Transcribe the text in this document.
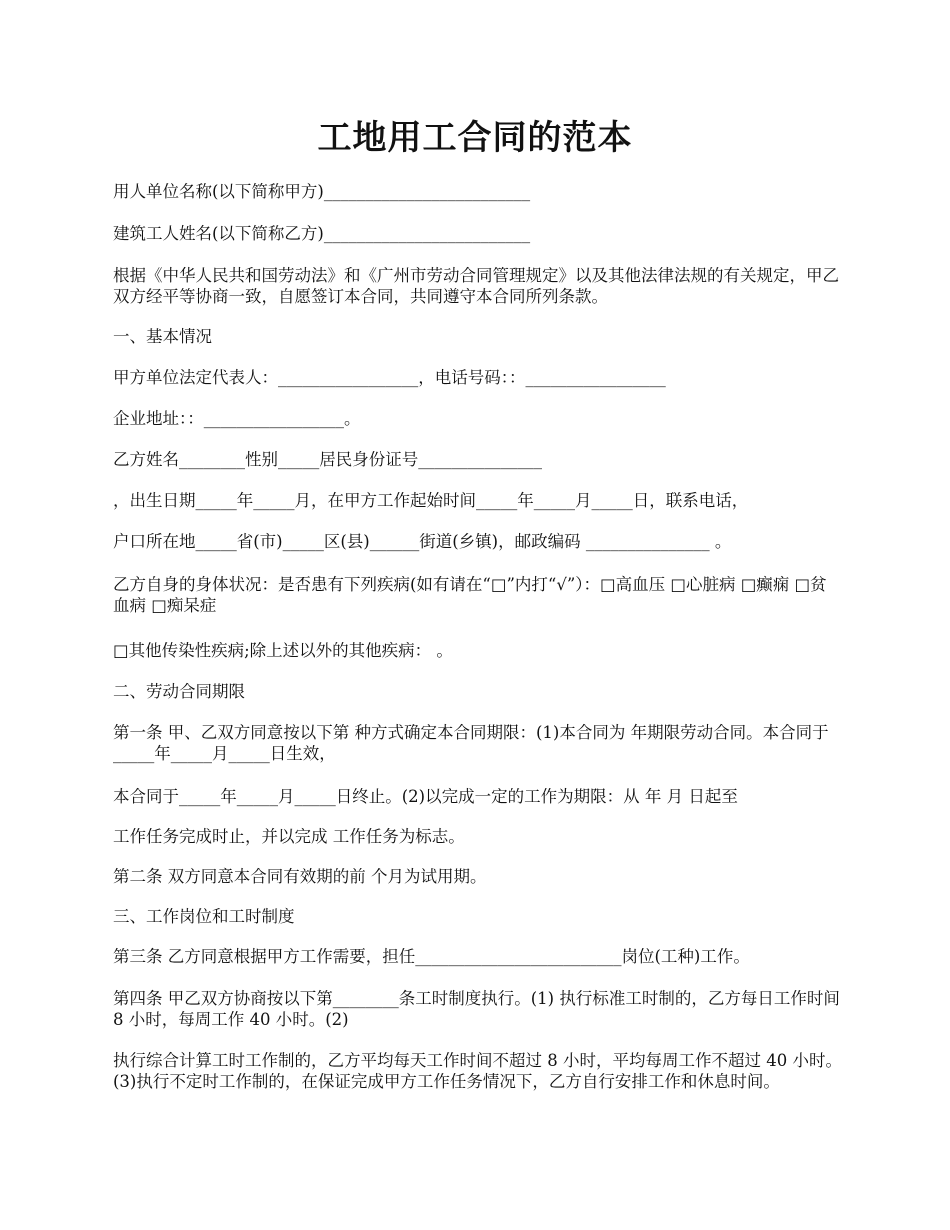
工地用工合同的范本

用人单位名称(以下简称甲方)_________________________

建筑工人姓名(以下简称乙方)_________________________

根据《中华人民共和国劳动法》和《广州市劳动合同管理规定》以及其他法律法规的有关规定，甲乙双方经平等协商一致，自愿签订本合同，共同遵守本合同所列条款。

一、基本情况

甲方单位法定代表人：_________________，电话号码：：_________________

企业地址：：_________________。

乙方姓名________性别_____居民身份证号_______________

，出生日期_____年_____月，在甲方工作起始时间_____年_____月_____日，联系电话，

户口所在地_____省(市)_____区(县)______街道(乡镇)，邮政编码 _______________ 。

乙方自身的身体状况：是否患有下列疾病(如有请在“□”内打“√”）：□高血压 □心脏病 □癫痫 □贫血病 □痴呆症

□其他传染性疾病;除上述以外的其他疾病： 。

二、劳动合同期限

第一条 甲、乙双方同意按以下第 种方式确定本合同期限：(1)本合同为 年期限劳动合同。本合同于_____年_____月_____日生效，

本合同于_____年_____月_____日终止。(2)以完成一定的工作为期限：从 年 月 日起至

工作任务完成时止，并以完成 工作任务为标志。

第二条 双方同意本合同有效期的前 个月为试用期。

三、工作岗位和工时制度

第三条 乙方同意根据甲方工作需要，担任_________________________岗位(工种)工作。

第四条 甲乙双方协商按以下第________条工时制度执行。(1) 执行标准工时制的，乙方每日工作时间 8 小时，每周工作 40 小时。(2)

执行综合计算工时工作制的，乙方平均每天工作时间不超过 8 小时，平均每周工作不超过 40 小时。(3)执行不定时工作制的，在保证完成甲方工作任务情况下，乙方自行安排工作和休息时间。
